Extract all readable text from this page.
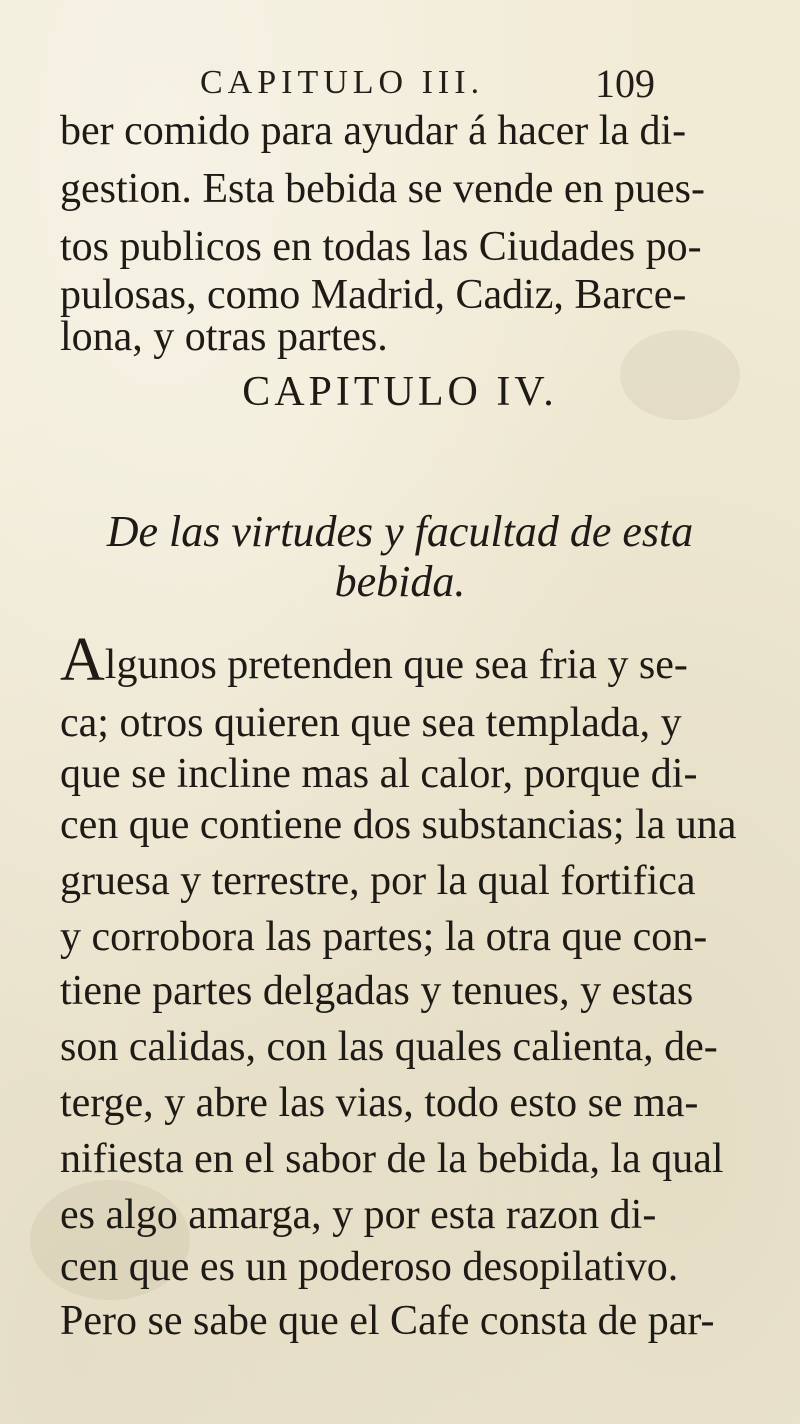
CAPITULO III.	109
ber comido para ayudar á hacer la di-
gestion. Esta bebida se vende en pues-
tos publicos en todas las Ciudades po-
pulosas, como Madrid, Cadiz, Barce-
lona, y otras partes.
CAPITULO IV.
De las virtudes y facultad de esta
bebida.
Algunos pretenden que sea fria y se-
ca; otros quieren que sea templada, y
que se incline mas al calor, porque di-
cen que contiene dos substancias; la una
gruesa y terrestre, por la qual fortifica
y corrobora las partes; la otra que con-
tiene partes delgadas y tenues, y estas
son calidas, con las quales calienta, de-
terge, y abre las vias, todo esto se ma-
nifiesta en el sabor de la bebida, la qual
es algo amarga, y por esta razon di-
cen que es un poderoso desopilativo.
Pero se sabe que el Cafe consta de par-
